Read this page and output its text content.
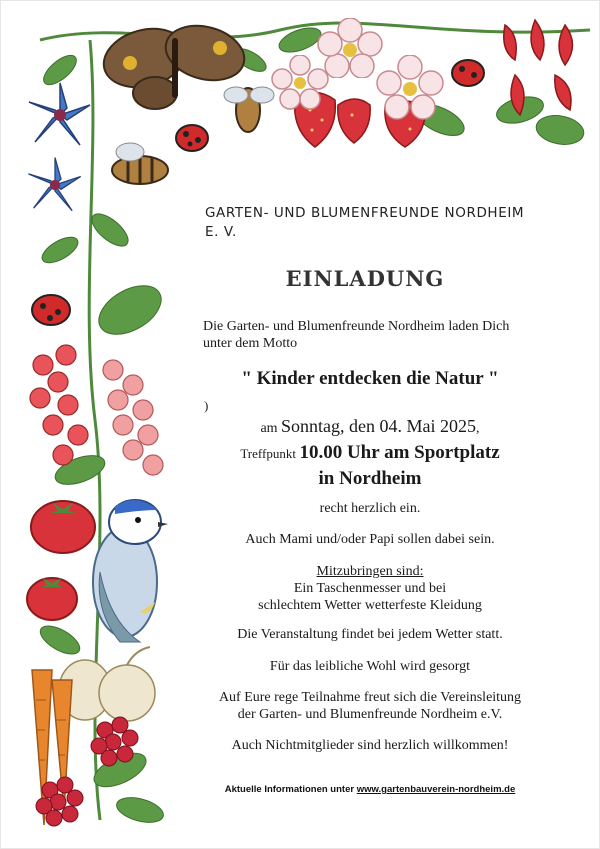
GARTEN- UND BLUMENFREUNDE NORDHEIM
E. V.
EINLADUNG
Die Garten- und Blumenfreunde Nordheim laden Dich
unter dem Motto
" Kinder entdecken die Natur "
)
am Sonntag, den 04. Mai 2025,
Treffpunkt 10.00 Uhr am Sportplatz
in Nordheim
recht herzlich ein.
Auch Mami und/oder Papi sollen dabei sein.
Mitzubringen sind:
Ein Taschenmesser und bei
schlechtem Wetter wetterfeste Kleidung
Die Veranstaltung findet bei jedem Wetter statt.
Für das leibliche Wohl wird gesorgt
Auf Eure rege Teilnahme freut sich die Vereinsleitung
der Garten- und Blumenfreunde Nordheim e.V.
Auch Nichtmitglieder sind herzlich willkommen!
Aktuelle Informationen unter www.gartenbauverein-nordheim.de
